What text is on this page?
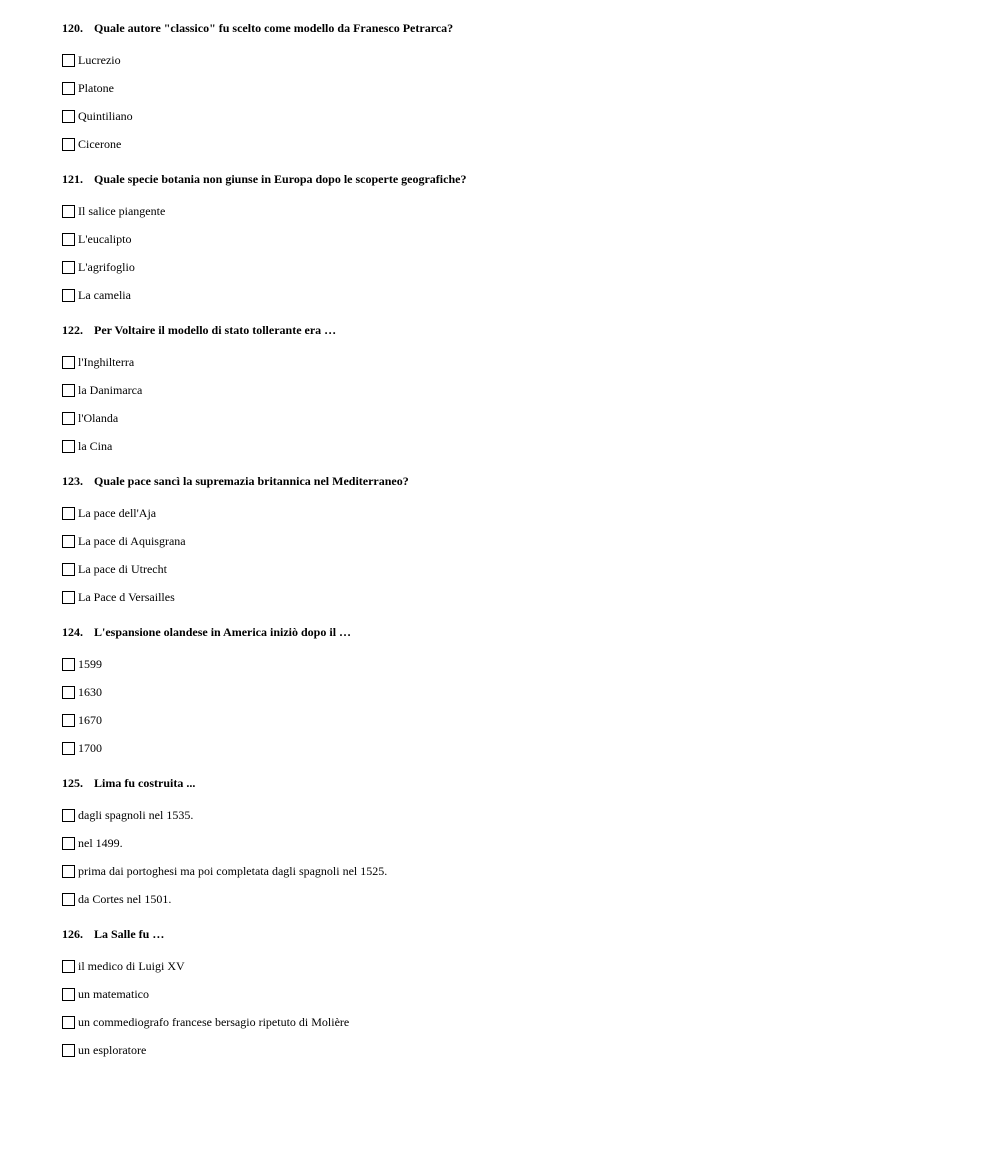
120. Quale autore "classico" fu scelto come modello da Franesco Petrarca?
Lucrezio
Platone
Quintiliano
Cicerone
121. Quale specie botania non giunse in Europa dopo le scoperte geografiche?
Il salice piangente
L'eucalipto
L'agrifoglio
La camelia
122. Per Voltaire il modello di stato tollerante era …
l'Inghilterra
la Danimarca
l'Olanda
la Cina
123. Quale pace sancì la supremazia britannica nel Mediterraneo?
La pace dell'Aja
La pace di Aquisgrana
La pace di Utrecht
La Pace d Versailles
124. L'espansione olandese in America iniziò dopo il …
1599
1630
1670
1700
125. Lima fu costruita ...
dagli spagnoli nel 1535.
nel 1499.
prima dai portoghesi ma poi completata dagli spagnoli nel 1525.
da Cortes nel 1501.
126. La Salle fu …
il medico di Luigi XV
un matematico
un commediografo francese bersagio ripetuto di Molière
un esploratore
